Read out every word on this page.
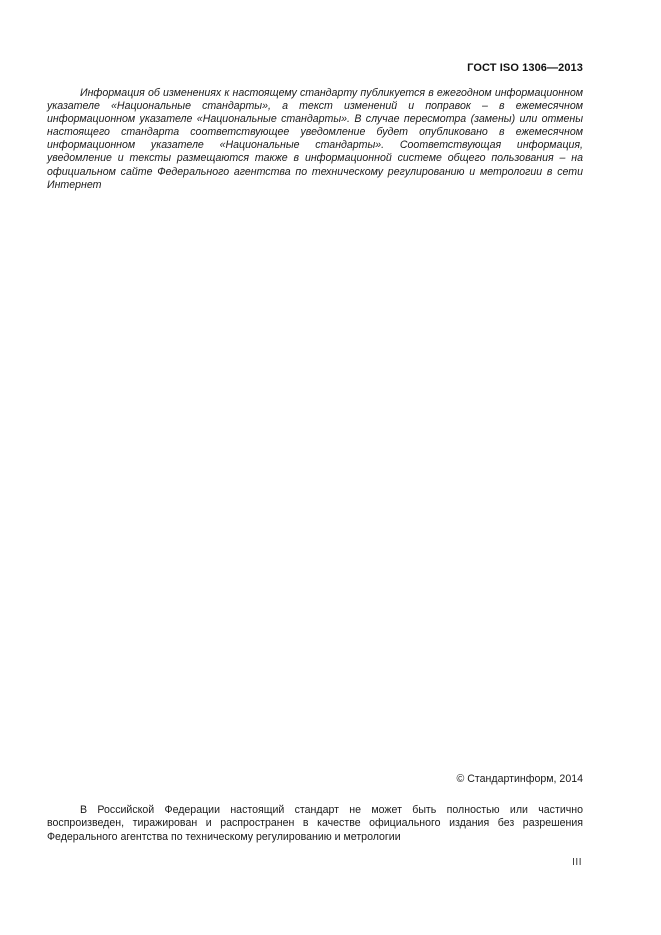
ГОСТ ISO 1306—2013

Информация об изменениях к настоящему стандарту публикуется в ежегодном информационном указателе «Национальные стандарты», а текст изменений и поправок – в ежемесячном информационном указателе «Национальные стандарты». В случае пересмотра (замены) или отмены настоящего стандарта соответствующее уведомление будет опубликовано в ежемесячном информационном указателе «Национальные стандарты». Соответствующая информация, уведомление и тексты размещаются также в информационной системе общего пользования – на официальном сайте Федерального агентства по техническому регулированию и метрологии в сети Интернет

© Стандартинформ, 2014

В Российской Федерации настоящий стандарт не может быть полностью или частично воспроизведен, тиражирован и распространен в качестве официального издания без разрешения Федерального агентства по техническому регулированию и метрологии

III
